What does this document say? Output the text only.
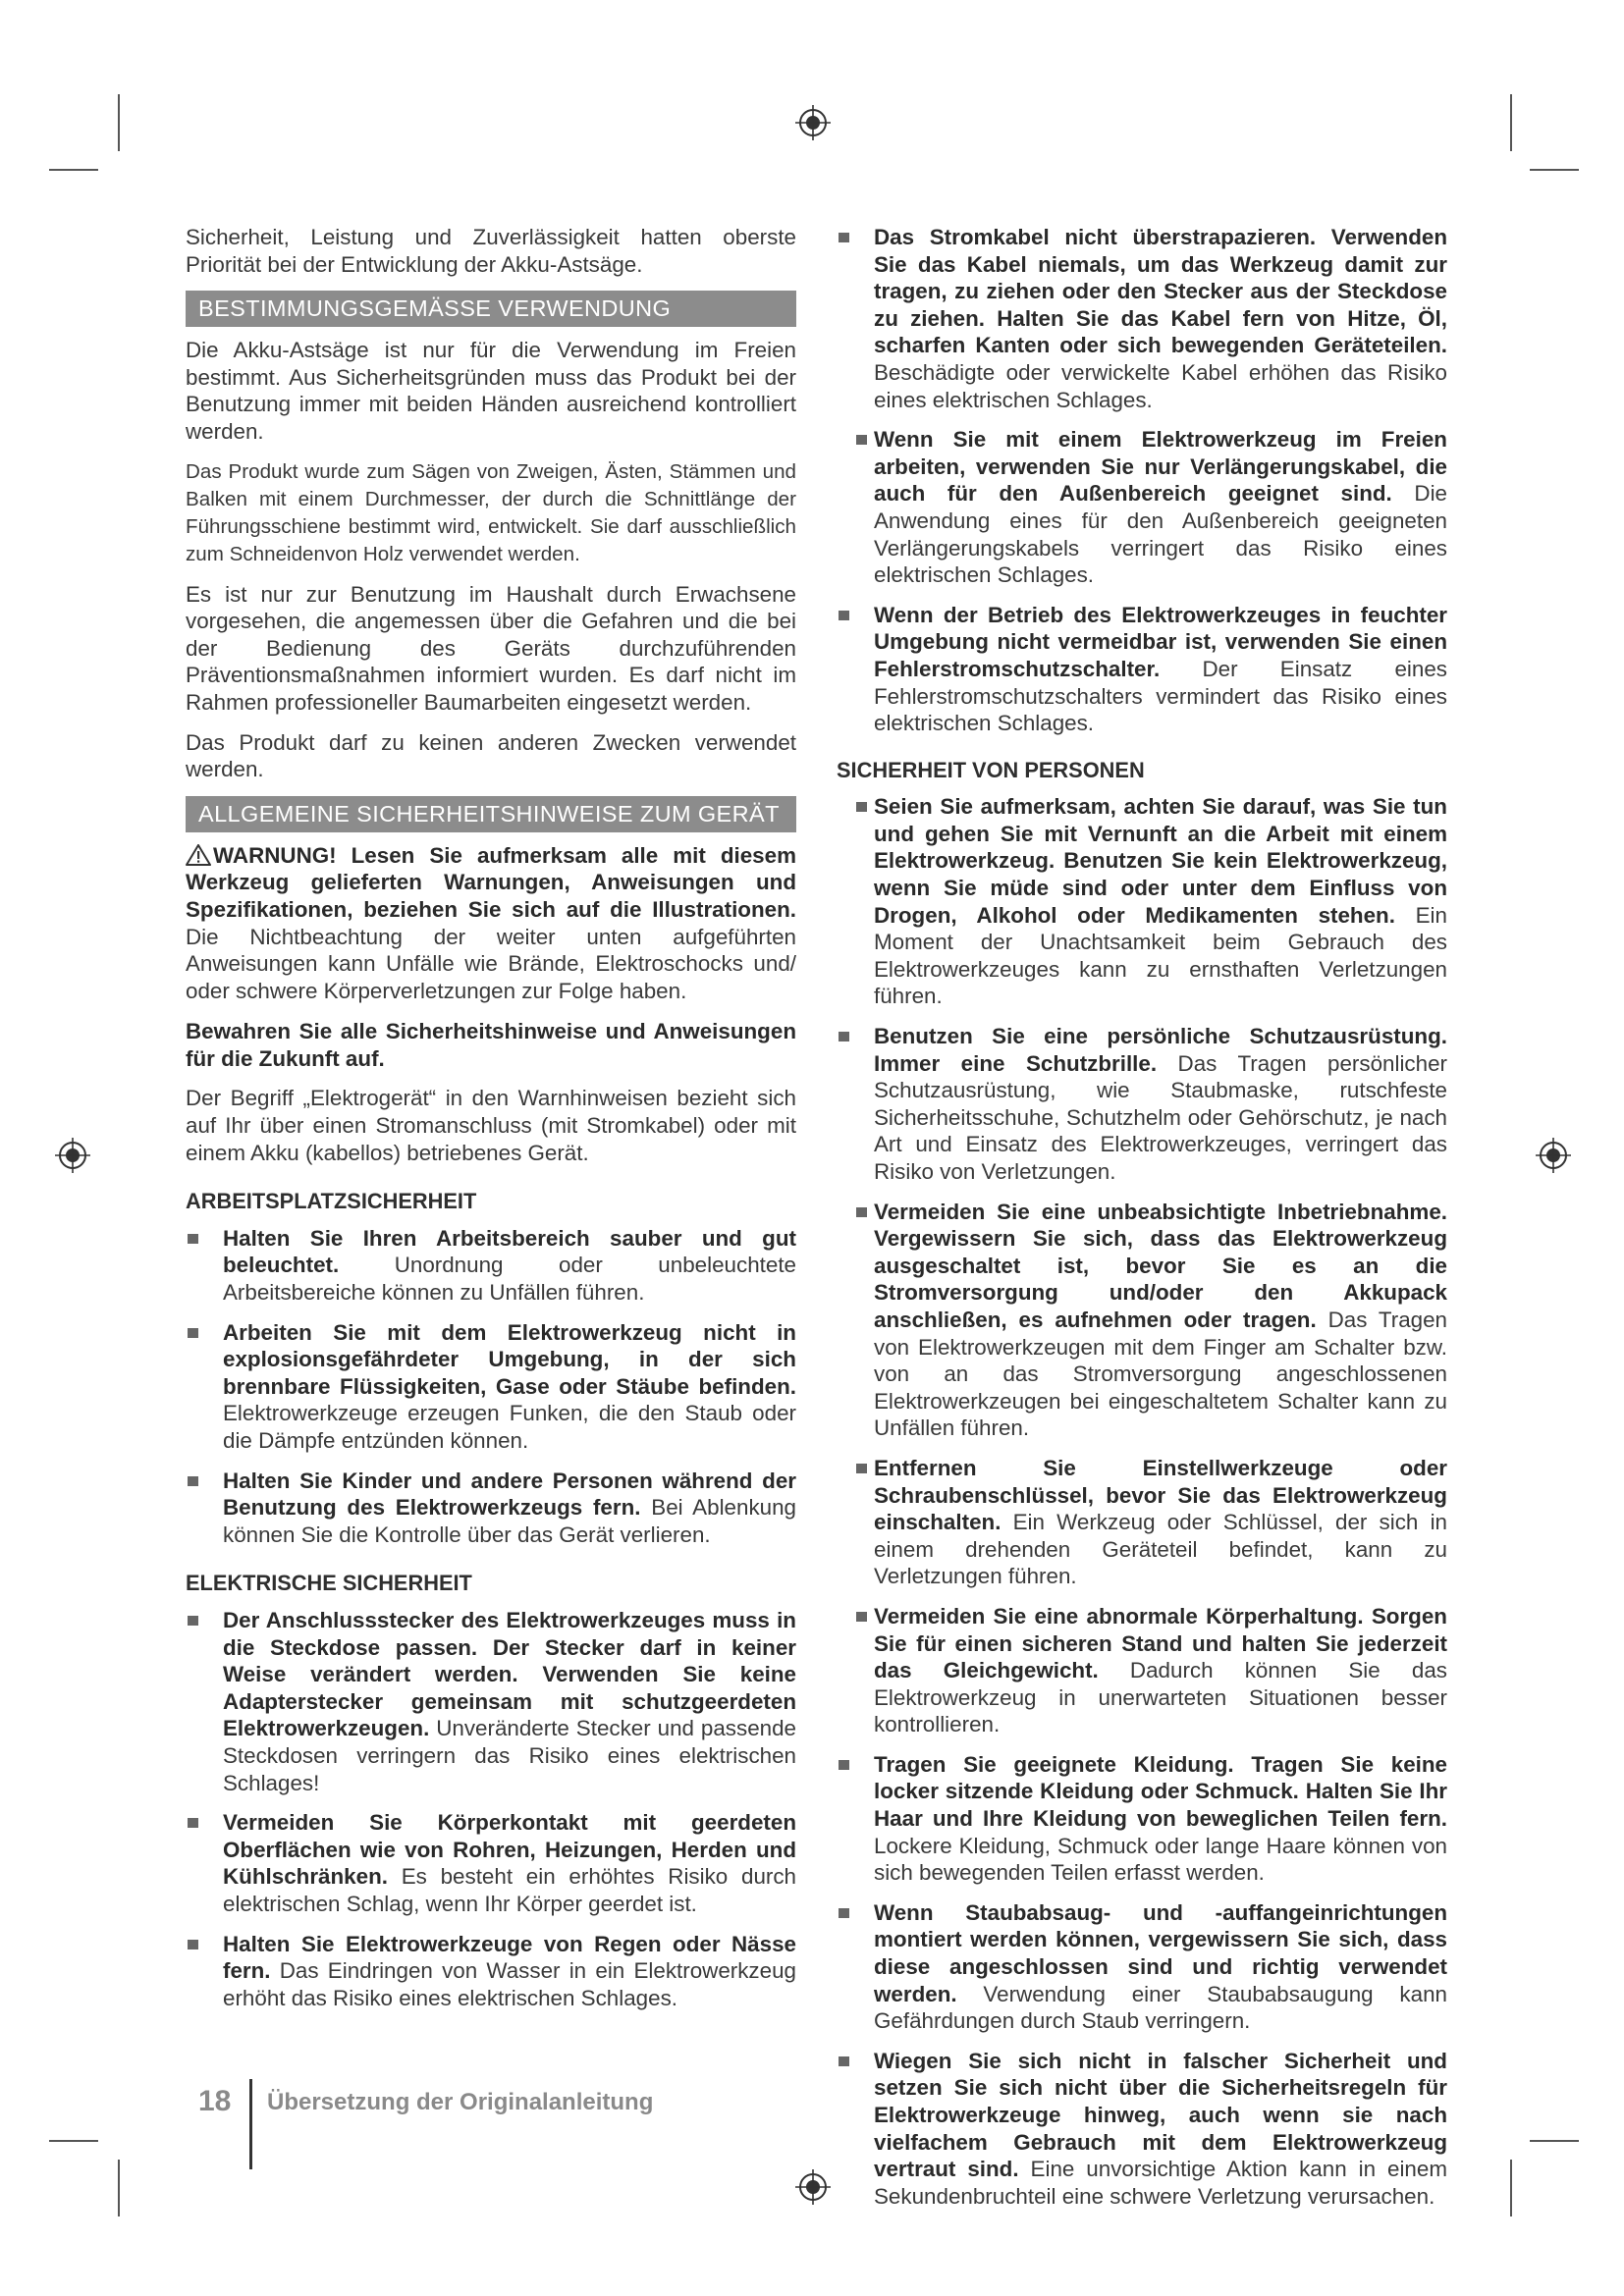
Sicherheit, Leistung und Zuverlässigkeit hatten oberste Priorität bei der Entwicklung der Akku-Astsäge.

BESTIMMUNGSGEMÄSSE VERWENDUNG

Die Akku-Astsäge ist nur für die Verwendung im Freien bestimmt. Aus Sicherheitsgründen muss das Produkt bei der Benutzung immer mit beiden Händen ausreichend kontrolliert werden.

Das Produkt wurde zum Sägen von Zweigen, Ästen, Stämmen und Balken mit einem Durchmesser, der durch die Schnittlänge der Führungsschiene bestimmt wird, entwickelt. Sie darf ausschließlich zum Schneidenvon Holz verwendet werden.

Es ist nur zur Benutzung im Haushalt durch Erwachsene vorgesehen, die angemessen über die Gefahren und die bei der Bedienung des Geräts durchzuführenden Präventionsmaßnahmen informiert wurden. Es darf nicht im Rahmen professioneller Baumarbeiten eingesetzt werden.

Das Produkt darf zu keinen anderen Zwecken verwendet werden.

ALLGEMEINE SICHERHEITSHINWEISE ZUM GERÄT

WARNUNG! Lesen Sie aufmerksam alle mit diesem Werkzeug gelieferten Warnungen, Anweisungen und Spezifikationen, beziehen Sie sich auf die Illustrationen. Die Nichtbeachtung der weiter unten aufgeführten Anweisungen kann Unfälle wie Brände, Elektroschocks und/ oder schwere Körperverletzungen zur Folge haben.

Bewahren Sie alle Sicherheitshinweise und Anweisungen für die Zukunft auf.

Der Begriff „Elektrogerät“ in den Warnhinweisen bezieht sich auf Ihr über einen Stromanschluss (mit Stromkabel) oder mit einem Akku (kabellos) betriebenes Gerät.

ARBEITSPLATZSICHERHEIT
Halten Sie Ihren Arbeitsbereich sauber und gut beleuchtet. Unordnung oder unbeleuchtete Arbeitsbereiche können zu Unfällen führen.
Arbeiten Sie mit dem Elektrowerkzeug nicht in explosionsgefährdeter Umgebung, in der sich brennbare Flüssigkeiten, Gase oder Stäube befinden. Elektrowerkzeuge erzeugen Funken, die den Staub oder die Dämpfe entzünden können.
Halten Sie Kinder und andere Personen während der Benutzung des Elektrowerkzeugs fern. Bei Ablenkung können Sie die Kontrolle über das Gerät verlieren.
ELEKTRISCHE SICHERHEIT
Der Anschlussstecker des Elektrowerkzeuges muss in die Steckdose passen. Der Stecker darf in keiner Weise verändert werden. Verwenden Sie keine Adapterstecker gemeinsam mit schutzgeerdeten Elektrowerkzeugen. Unveränderte Stecker und passende Steckdosen verringern das Risiko eines elektrischen Schlages!
Vermeiden Sie Körperkontakt mit geerdeten Oberflächen wie von Rohren, Heizungen, Herden und Kühlschränken. Es besteht ein erhöhtes Risiko durch elektrischen Schlag, wenn Ihr Körper geerdet ist.
Halten Sie Elektrowerkzeuge von Regen oder Nässe fern. Das Eindringen von Wasser in ein Elektrowerkzeug erhöht das Risiko eines elektrischen Schlages.
Das Stromkabel nicht überstrapazieren. Verwenden Sie das Kabel niemals, um das Werkzeug damit zur tragen, zu ziehen oder den Stecker aus der Steckdose zu ziehen. Halten Sie das Kabel fern von Hitze, Öl, scharfen Kanten oder sich bewegenden Geräteteilen. Beschädigte oder verwickelte Kabel erhöhen das Risiko eines elektrischen Schlages.
Wenn Sie mit einem Elektrowerkzeug im Freien arbeiten, verwenden Sie nur Verlängerungskabel, die auch für den Außenbereich geeignet sind. Die Anwendung eines für den Außenbereich geeigneten Verlängerungskabels verringert das Risiko eines elektrischen Schlages.
Wenn der Betrieb des Elektrowerkzeuges in feuchter Umgebung nicht vermeidbar ist, verwenden Sie einen Fehlerstromschutzschalter. Der Einsatz eines Fehlerstromschutzschalters vermindert das Risiko eines elektrischen Schlages.
SICHERHEIT VON PERSONEN
Seien Sie aufmerksam, achten Sie darauf, was Sie tun und gehen Sie mit Vernunft an die Arbeit mit einem Elektrowerkzeug. Benutzen Sie kein Elektrowerkzeug, wenn Sie müde sind oder unter dem Einfluss von Drogen, Alkohol oder Medikamenten stehen. Ein Moment der Unachtsamkeit beim Gebrauch des Elektrowerkzeuges kann zu ernsthaften Verletzungen führen.
Benutzen Sie eine persönliche Schutzausrüstung. Immer eine Schutzbrille. Das Tragen persönlicher Schutzausrüstung, wie Staubmaske, rutschfeste Sicherheitsschuhe, Schutzhelm oder Gehörschutz, je nach Art und Einsatz des Elektrowerkzeuges, verringert das Risiko von Verletzungen.
Vermeiden Sie eine unbeabsichtigte Inbetriebnahme. Vergewissern Sie sich, dass das Elektrowerkzeug ausgeschaltet ist, bevor Sie es an die Stromversorgung und/oder den Akkupack anschließen, es aufnehmen oder tragen. Das Tragen von Elektrowerkzeugen mit dem Finger am Schalter bzw. von an das Stromversorgung angeschlossenen Elektrowerkzeugen bei eingeschaltetem Schalter kann zu Unfällen führen.
Entfernen Sie Einstellwerkzeuge oder Schraubenschlüssel, bevor Sie das Elektrowerkzeug einschalten. Ein Werkzeug oder Schlüssel, der sich in einem drehenden Geräteteil befindet, kann zu Verletzungen führen.
Vermeiden Sie eine abnormale Körperhaltung. Sorgen Sie für einen sicheren Stand und halten Sie jederzeit das Gleichgewicht. Dadurch können Sie das Elektrowerkzeug in unerwarteten Situationen besser kontrollieren.
Tragen Sie geeignete Kleidung. Tragen Sie keine locker sitzende Kleidung oder Schmuck. Halten Sie Ihr Haar und Ihre Kleidung von beweglichen Teilen fern. Lockere Kleidung, Schmuck oder lange Haare können von sich bewegenden Teilen erfasst werden.
Wenn Staubabsaug- und -auffangeinrichtungen montiert werden können, vergewissern Sie sich, dass diese angeschlossen sind und richtig verwendet werden. Verwendung einer Staubabsaugung kann Gefährdungen durch Staub verringern.
Wiegen Sie sich nicht in falscher Sicherheit und setzen Sie sich nicht über die Sicherheitsregeln für Elektrowerkzeuge hinweg, auch wenn sie nach vielfachem Gebrauch mit dem Elektrowerkzeug vertraut sind. Eine unvorsichtige Aktion kann in einem Sekundenbruchteil eine schwere Verletzung verursachen.
18 Übersetzung der Originalanleitung
